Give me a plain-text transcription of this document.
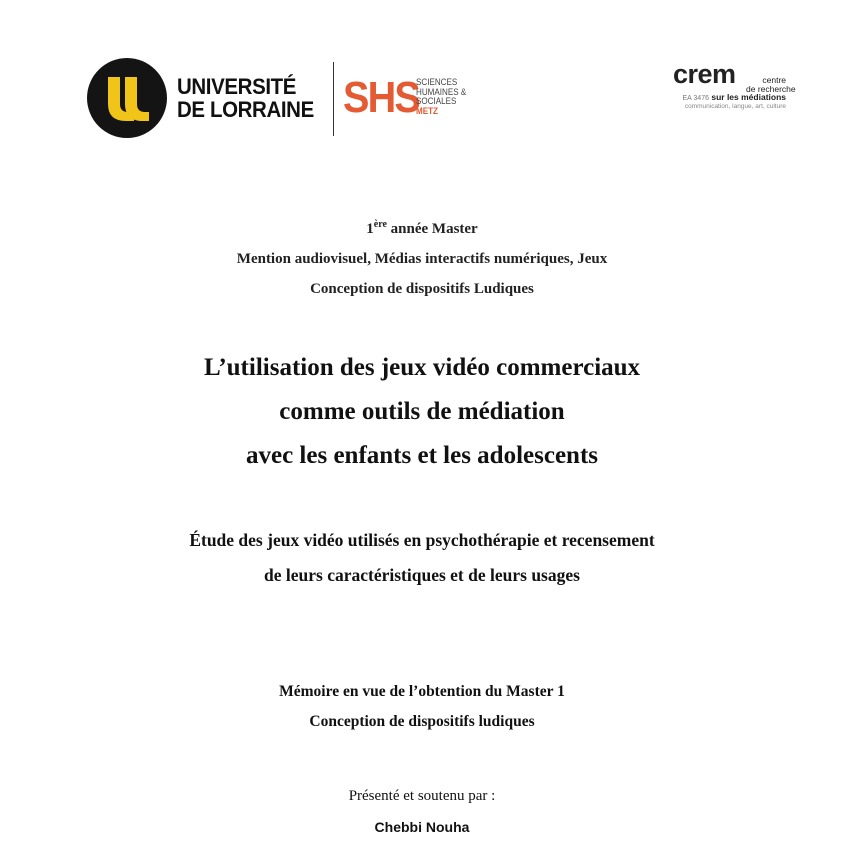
UNIVERSITÉ
DE LORRAINE SHS
SCIENCES
HUMAINES &
SOCIALES
METZ
crem	centre
de recherche
EA 3476 sur les médiations
communication, langue, art, culture
1ère année Master
Mention audiovisuel, Médias interactifs numériques, Jeux
Conception de dispositifs Ludiques
L’utilisation des jeux vidéo commerciaux
comme outils de médiation
avec les enfants et les adolescents
Étude des jeux vidéo utilisés en psychothérapie et recensement
de leurs caractéristiques et de leurs usages
Mémoire en vue de l’obtention du Master 1
Conception de dispositifs ludiques
Présenté et soutenu par :
Chebbi Nouha
